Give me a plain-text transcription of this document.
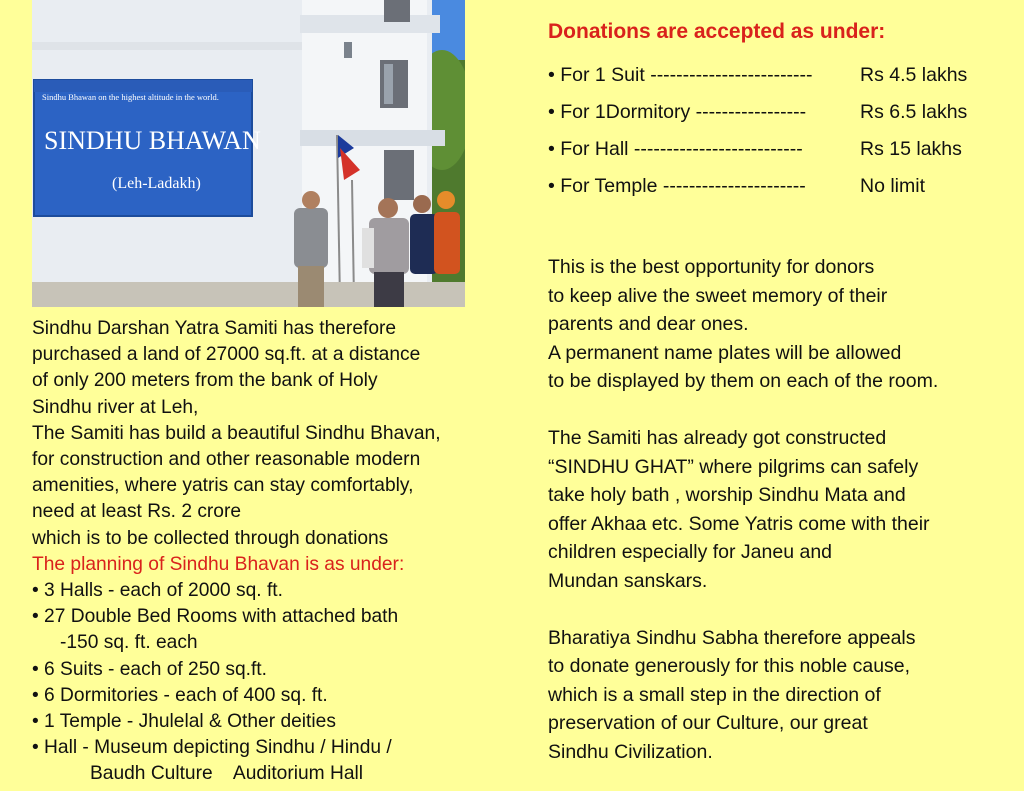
Sindhu Bhawan on the highest altitude in the world.
SINDHU BHAWAN
(Leh-Ladakh)
Sindhu Darshan Yatra Samiti has therefore
purchased a land of 27000 sq.ft. at a distance
of only 200 meters from the bank of Holy
Sindhu river at Leh,
The Samiti has build a beautiful Sindhu Bhavan,
for construction and other reasonable modern
amenities, where yatris can stay comfortably,
need at least Rs. 2 crore
which is to be collected through donations
The planning of Sindhu Bhavan is as under:
• 3 Halls - each of 2000 sq. ft.
• 27 Double Bed Rooms with attached bath
-150 sq. ft. each
• 6 Suits - each of 250 sq.ft.
• 6 Dormitories - each of 400 sq. ft.
• 1 Temple - Jhulelal & Other deities
• Hall - Museum depicting Sindhu / Hindu /
Baudh Culture    Auditorium Hall
Donations are accepted as under:
• For 1 Suit ------------------------- Rs 4.5 lakhs
• For 1Dormitory -----------------	Rs 6.5 lakhs
• For Hall --------------------------	Rs 15 lakhs
• For Temple ----------------------	No limit
This is the best opportunity for donors
to keep alive the sweet memory of their
parents and dear ones.
A permanent name plates will be allowed
to be displayed by them on each of the room.
The Samiti has already got constructed
“SINDHU GHAT” where pilgrims can safely
take holy bath , worship Sindhu Mata and
offer Akhaa etc. Some Yatris come with their
children especially for Janeu and
Mundan sanskars.
Bharatiya Sindhu Sabha therefore appeals
to donate generously for this noble cause,
which is a small step in the direction of
preservation of our Culture, our great
Sindhu Civilization.
